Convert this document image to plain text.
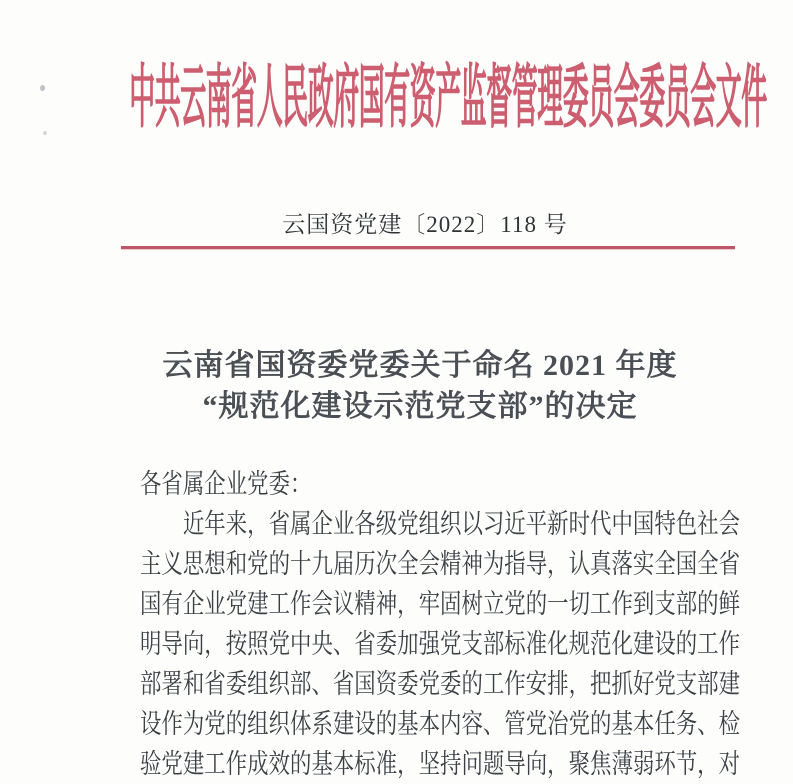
中共云南省人民政府国有资产监督管理委员会委员会文件
云国资党建〔2022〕118 号
云南省国资委党委关于命名 2021 年度
“规范化建设示范党支部”的决定
各省属企业党委：
近年来，省属企业各级党组织以习近平新时代中国特色社会
主义思想和党的十九届历次全会精神为指导，认真落实全国全省
国有企业党建工作会议精神，牢固树立党的一切工作到支部的鲜
明导向，按照党中央、省委加强党支部标准化规范化建设的工作
部署和省委组织部、省国资委党委的工作安排，把抓好党支部建
设作为党的组织体系建设的基本内容、管党治党的基本任务、检
验党建工作成效的基本标准，坚持问题导向，聚焦薄弱环节，对
